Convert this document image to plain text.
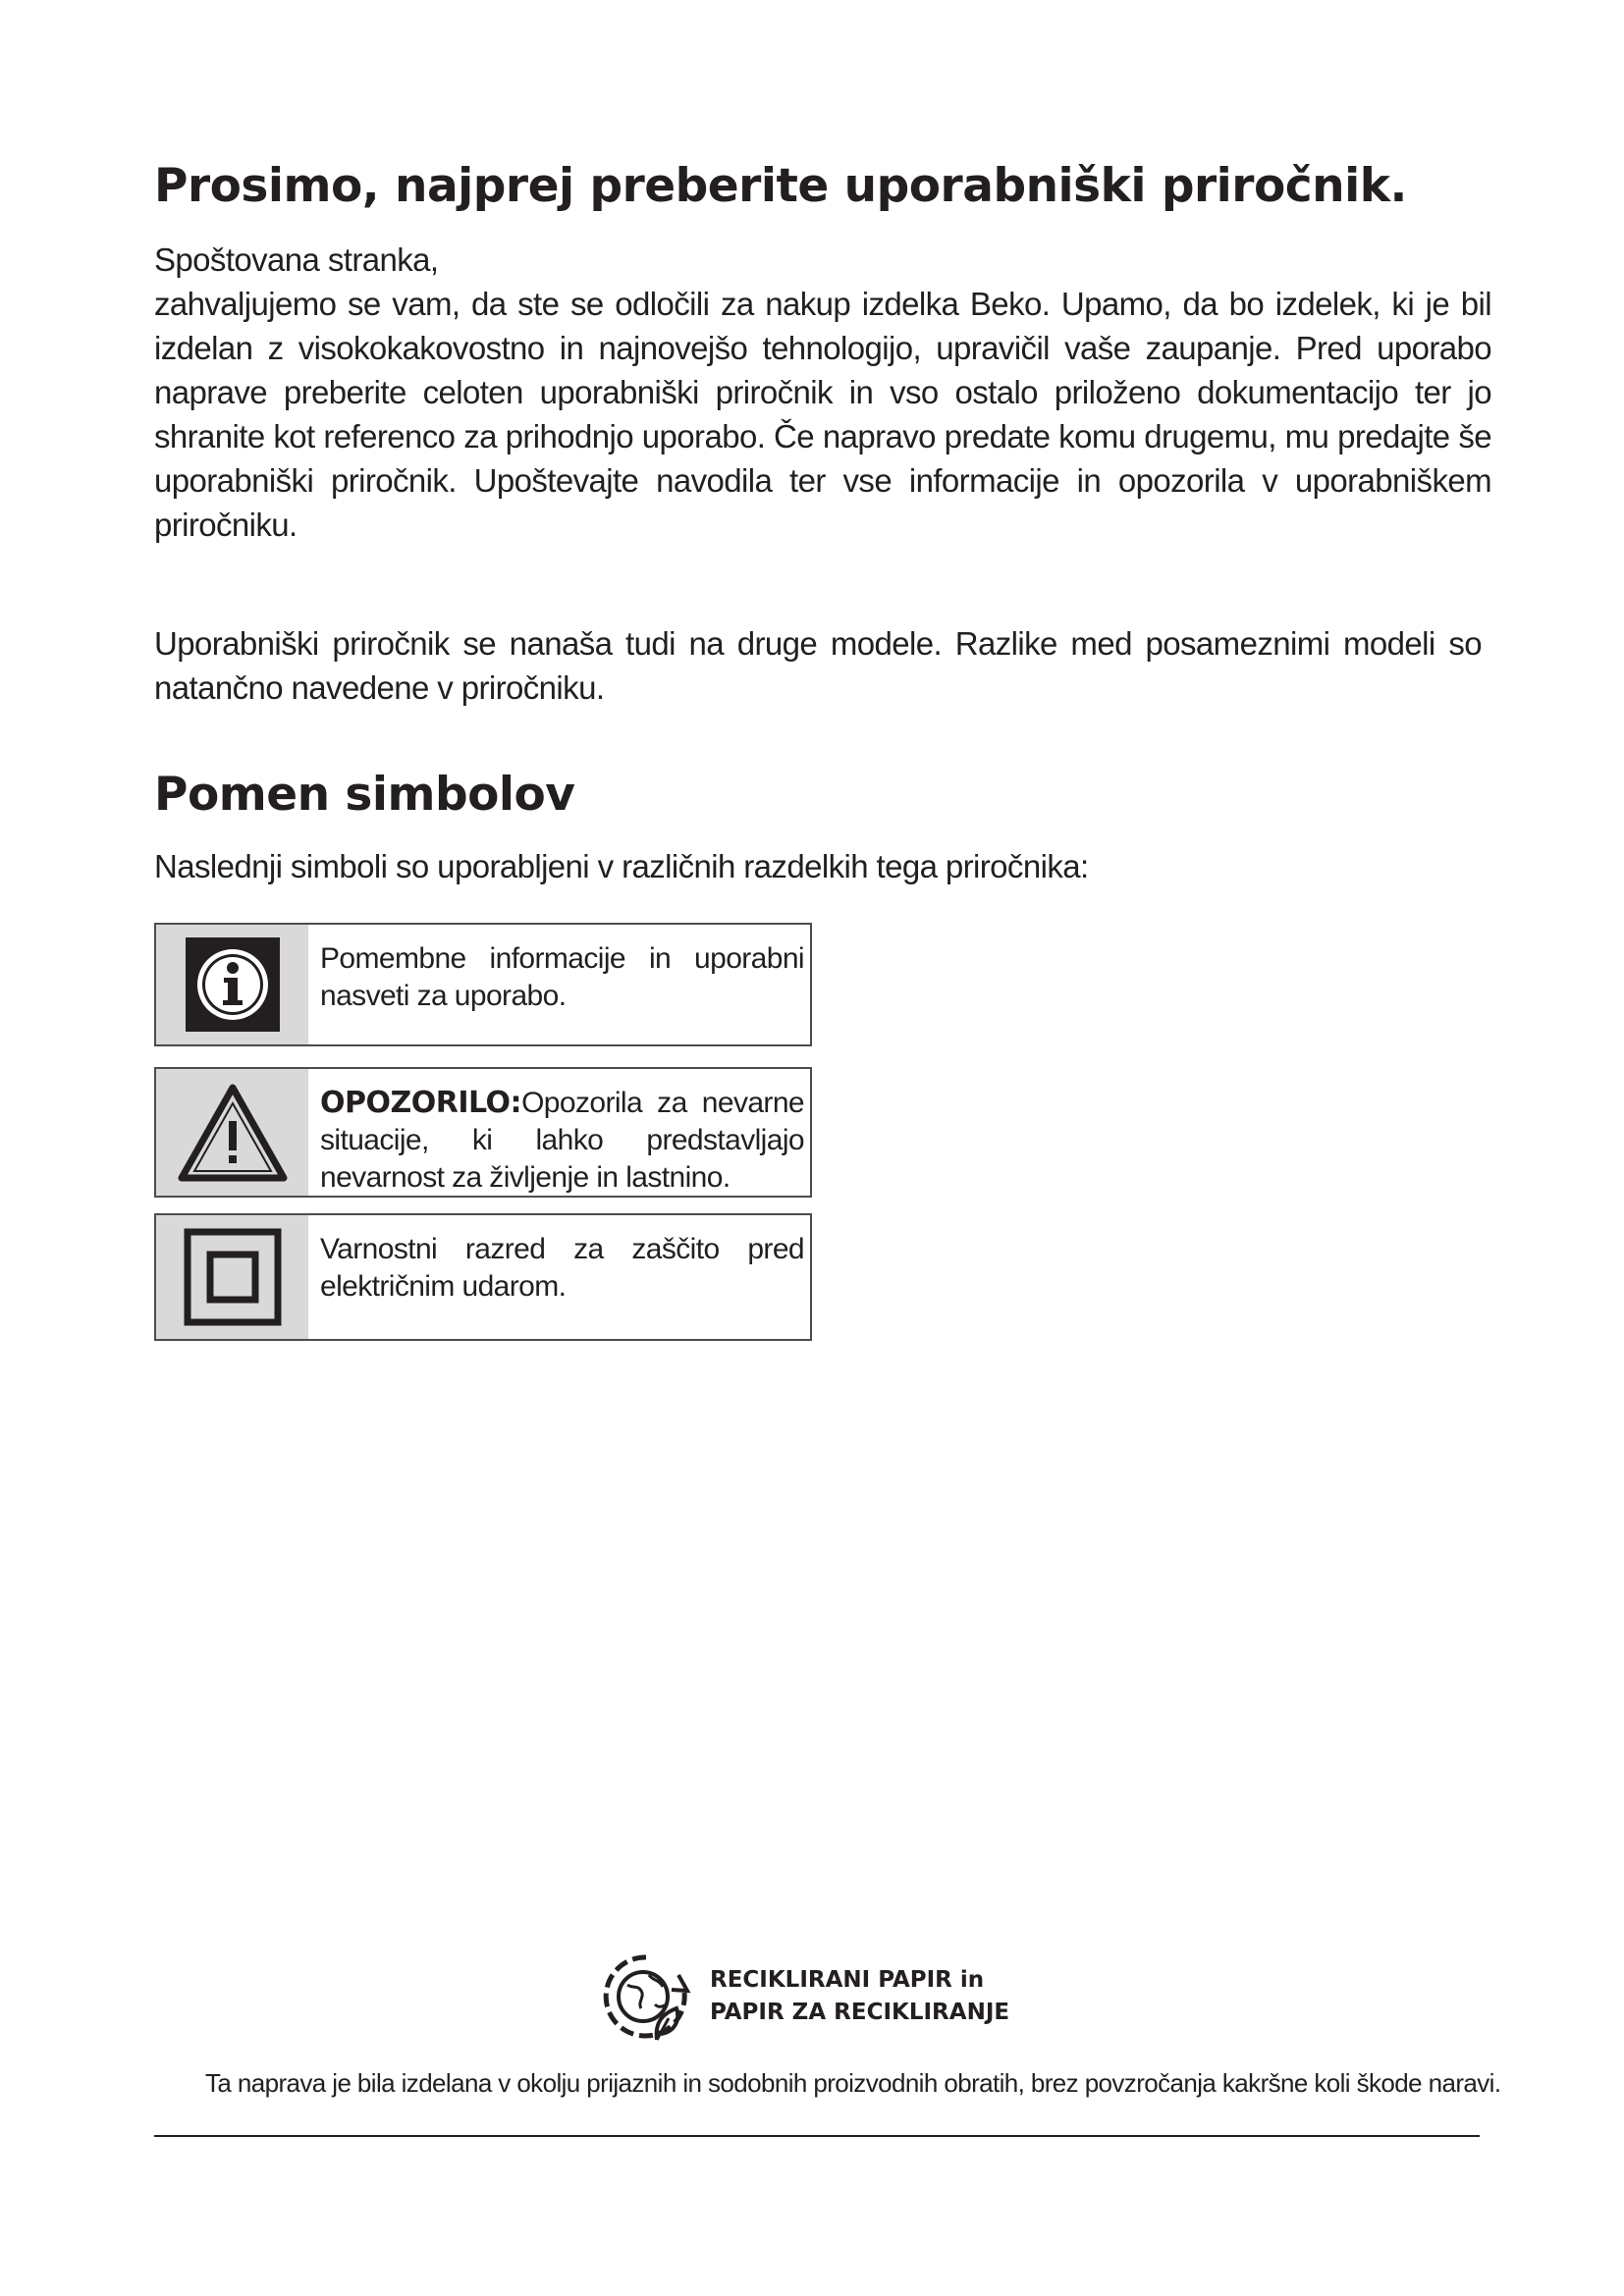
Prosimo, najprej preberite uporabniški priročnik.

Spoštovana stranka,

zahvaljujemo se vam, da ste se odločili za nakup izdelka Beko. Upamo, da bo izdelek, ki je bil izdelan z visokokakovostno in najnovejšo tehnologijo, upravičil vaše zaupanje. Pred uporabo naprave preberite celoten uporabniški priročnik in vso ostalo priloženo dokumentacijo ter jo shranite kot referenco za prihodnjo uporabo. Če napravo predate komu drugemu, mu predajte še uporabniški priročnik. Upoštevajte navodila ter vse informacije in opozorila v uporabniškem priročniku.

Uporabniški priročnik se nanaša tudi na druge modele. Razlike med posameznimi modeli so natančno navedene v priročniku.

Pomen simbolov

Naslednji simboli so uporabljeni v različnih razdelkih tega priročnika:

Pomembne informacije in uporabni nasveti za uporabo.
OPOZORILO:Opozorila za nevarne situacije, ki lahko predstavljajo nevarnost za življenje in lastnino.
Varnostni razred za zaščito pred električnim udarom.
RECIKLIRANI PAPIR in
PAPIR ZA RECIKLIRANJE
Ta naprava je bila izdelana v okolju prijaznih in sodobnih proizvodnih obratih, brez povzročanja kakršne koli škode naravi.
